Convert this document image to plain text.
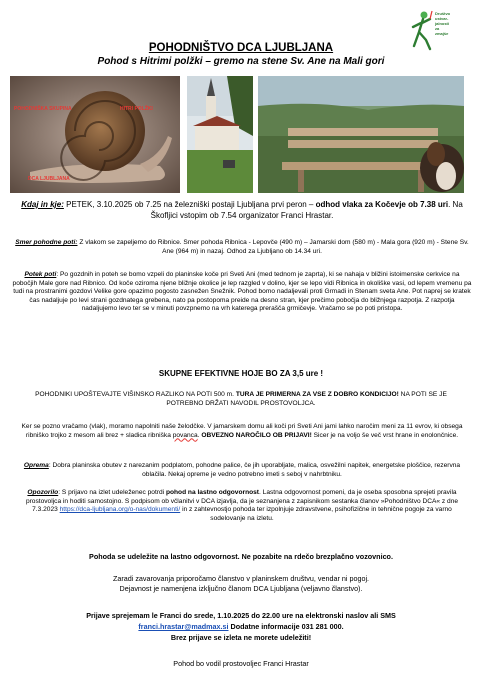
Društvo
ustvar-
jalnosti
za
zmajše
POHODNIŠTVO DCA LJUBLJANA
Pohod s Hitrimi polžki – gremo na stene Sv. Ane na Mali gori
POHODNIŠKA SKUPINA	HITRI POLŽKI
DCA LJUBLJANA
Kdaj in kje: PETEK, 3.10.2025 ob 7.25 na železniški postaji Ljubljana prvi peron – odhod vlaka za Kočevje ob 7.38 uri. Na Škofljici vstopim ob 7.54 organizator Franci Hrastar.
Smer pohodne poti: Z vlakom se zapeljemo do Ribnice. Smer pohoda Ribnica - Lepovče (490 m) – Jamarski dom (580 m) - Mala gora (920 m) - Stene Sv. Ane (964 m) in nazaj. Odhod za Ljubljano ob 14.34 uri.
Potek poti: Po gozdnih in poteh se bomo vzpeli do planinske koče pri Sveti Ani (med tednom je zaprta), ki se nahaja v bližini istoimenske cerkvice na pobočjih Male gore nad Ribnico. Od koče oziroma njene bližnje okolice je lep razgled v dolino, kjer se lepo vidi Ribnica in okoliške vasi, od lepem vremenu pa tudi na prostranimi gozdovi Velike gore opazimo pogosto zasnežen Snežnik. Pohod bomo nadaljevali proti Grmadi in Stenam sveta Ane. Pot naprej se kratek čas nadaljuje po levi strani gozdnatega grebena, nato pa postopoma preide na desno stran, kjer prečimo pobočja do bližnjega razpotja. Z razpotja nadaljujemo levo ter se v minuti povzpnemo na vrh katerega prerašča grmičevje. Vračamo se po poti pristopa.
SKUPNE EFEKTIVNE HOJE BO ZA 3,5 ure !
POHODNIKI UPOŠTEVAJTE VIŠINSKO RAZLIKO NA POTI 500 m. TURA JE PRIMERNA ZA VSE Z DOBRO KONDICIJO! NA POTI SE JE POTREBNO DRŽATI NAVODIL PROSTOVOLJCA.
Ker se pozno vračamo (vlak), moramo napolniti naše želodčke. V jamarskem domu ali koči pri Sveti Ani jami lahko naročim meni za 11 evrov, ki obsega ribniško trojko z mesom ali brez + sladica ribniška povanca. OBVEZNO NAROČILO OB PRIJAVI! Sicer je na voljo še več vrst hrane in enolončnice.
Oprema: Dobra planinska obutev z narezanim podplatom, pohodne palice, če jih uporabljate, malica, osvežilni napitek, energetske ploščice, rezervna oblačila. Nekaj opreme je vedno potrebno imeti s seboj v nahrbtniku.
Opozorilo: S prijavo na izlet udeleženec potrdi pohod na lastno odgovornost. Lastna odgovornost pomeni, da je oseba sposobna sprejeti pravila prostovoljca in hoditi samostojno. S podpisom ob včlanitvi v DCA izjavlja, da je seznanjena z zapisnikom sestanka članov »Pohodništvo DCA« z dne 7.3.2023 https://dca-ljubljana.org/o-nas/dokumenti/ in z zahtevnostjo pohoda ter izpolnjuje zdravstvene, psihofizične in tehnične pogoje za varno sodelovanje na izletu.
Pohoda se udeležite na lastno odgovornost. Ne pozabite na rdečo brezplačno vozovnico.
Zaradi zavarovanja priporočamo članstvo v planinskem društvu, vendar ni pogoj.
Dejavnost je namenjena izključno članom DCA Ljubljana (veljavno članstvo).
Prijave sprejemam le Franci do srede, 1.10.2025 do 22.00 ure na elektronski naslov ali SMS
franci.hrastar@madmax.si Dodatne informacije 031 281 000.
Brez prijave se izleta ne morete udeležiti!
Pohod bo vodil prostovoljec Franci Hrastar
